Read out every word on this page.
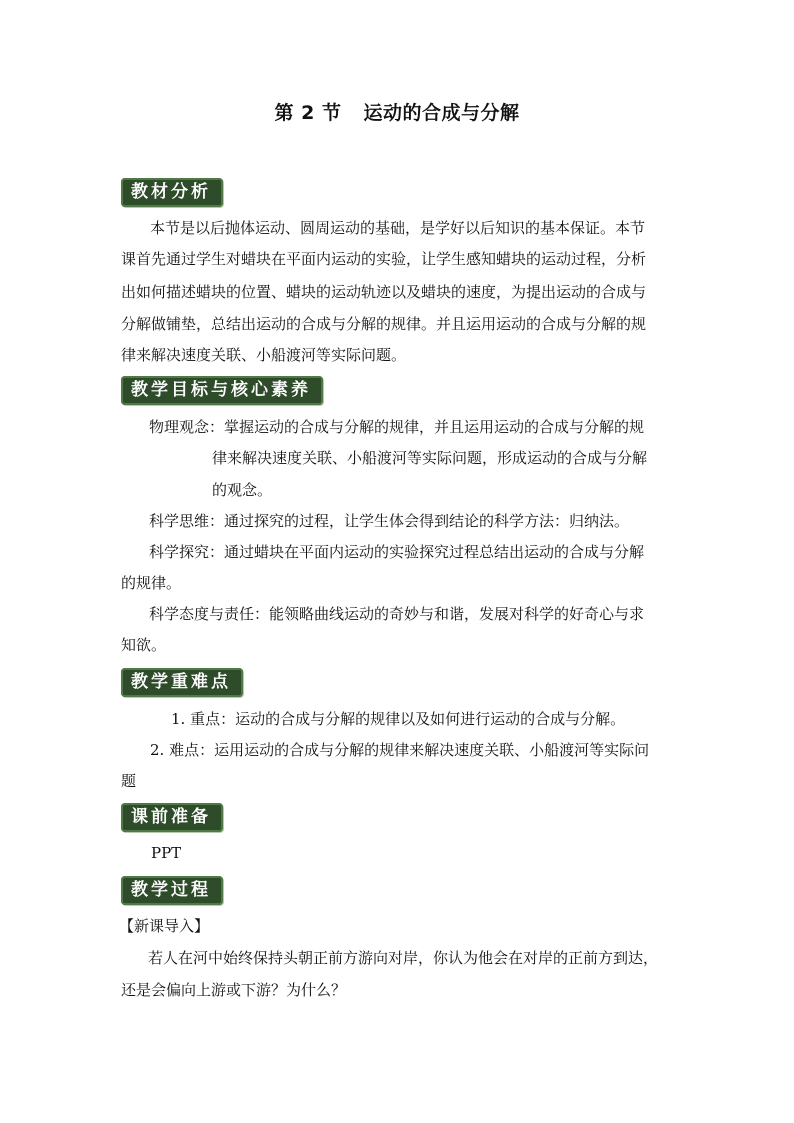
第 2 节 运动的合成与分解
教材分析
本节是以后抛体运动、圆周运动的基础，是学好以后知识的基本保证。本节
课首先通过学生对蜡块在平面内运动的实验，让学生感知蜡块的运动过程，分析
出如何描述蜡块的位置、蜡块的运动轨迹以及蜡块的速度，为提出运动的合成与
分解做铺垫，总结出运动的合成与分解的规律。并且运用运动的合成与分解的规
律来解决速度关联、小船渡河等实际问题。
教学目标与核心素养
物理观念：掌握运动的合成与分解的规律，并且运用运动的合成与分解的规
律来解决速度关联、小船渡河等实际问题，形成运动的合成与分解
的观念。
科学思维：通过探究的过程，让学生体会得到结论的科学方法：归纳法。
科学探究：通过蜡块在平面内运动的实验探究过程总结出运动的合成与分解
的规律。
科学态度与责任：能领略曲线运动的奇妙与和谐，发展对科学的好奇心与求
知欲。
教学重难点
1. 重点：运动的合成与分解的规律以及如何进行运动的合成与分解。
2. 难点：运用运动的合成与分解的规律来解决速度关联、小船渡河等实际问
题
课前准备
PPT
教学过程
【新课导入】
若人在河中始终保持头朝正前方游向对岸，你认为他会在对岸的正前方到达，
还是会偏向上游或下游？为什么？
